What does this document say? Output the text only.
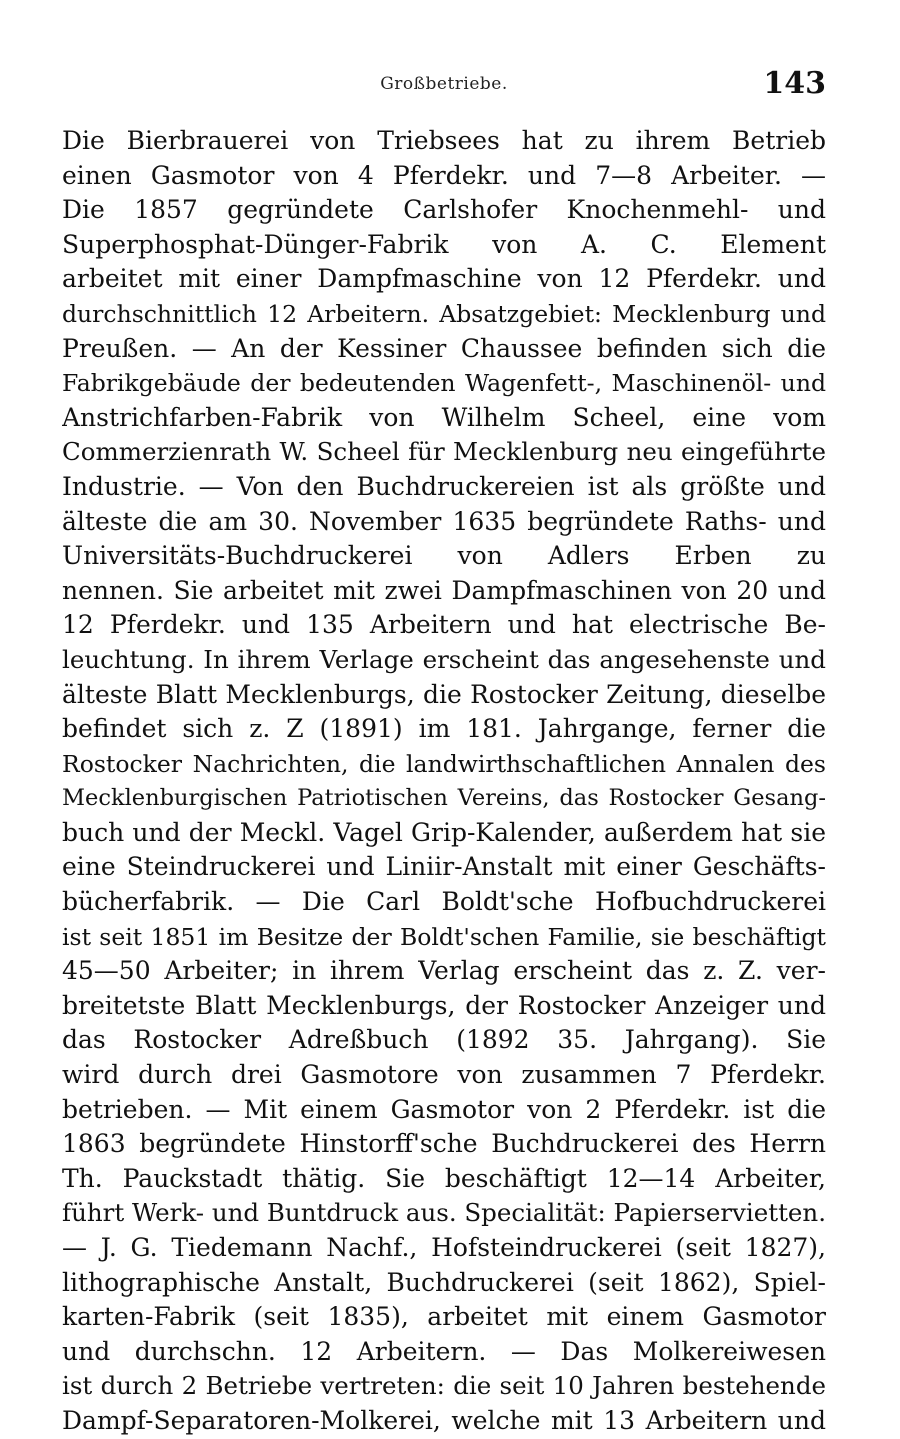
Großbetriebe.	143
Die Bierbrauerei von Triebsees hat zu ihrem Betrieb
einen Gasmotor von 4 Pferdekr. und 7—8 Arbeiter. —
Die 1857 gegründete Carlshofer Knochenmehl- und
Superphosphat-Dünger-Fabrik von A. C. Element
arbeitet mit einer Dampfmaschine von 12 Pferdekr. und
durchschnittlich 12 Arbeitern. Absatzgebiet: Mecklenburg und
Preußen. — An der Kessiner Chaussee befinden sich die
Fabrikgebäude der bedeutenden Wagenfett-, Maschinenöl- und
Anstrichfarben-Fabrik von Wilhelm Scheel, eine vom
Commerzienrath W. Scheel für Mecklenburg neu eingeführte
Industrie. — Von den Buchdruckereien ist als größte und
älteste die am 30. November 1635 begründete Raths- und
Universitäts-Buchdruckerei von Adlers Erben zu
nennen. Sie arbeitet mit zwei Dampfmaschinen von 20 und
12 Pferdekr. und 135 Arbeitern und hat electrische Be-
leuchtung. In ihrem Verlage erscheint das angesehenste und
älteste Blatt Mecklenburgs, die Rostocker Zeitung, dieselbe
befindet sich z. Z (1891) im 181. Jahrgange, ferner die
Rostocker Nachrichten, die landwirthschaftlichen Annalen des
Mecklenburgischen Patriotischen Vereins, das Rostocker Gesang-
buch und der Meckl. Vagel Grip-Kalender, außerdem hat sie
eine Steindruckerei und Liniir-Anstalt mit einer Geschäfts-
bücherfabrik. — Die Carl Boldt'sche Hofbuchdruckerei
ist seit 1851 im Besitze der Boldt'schen Familie, sie beschäftigt
45—50 Arbeiter; in ihrem Verlag erscheint das z. Z. ver-
breitetste Blatt Mecklenburgs, der Rostocker Anzeiger und
das Rostocker Adreßbuch (1892 35. Jahrgang). Sie
wird durch drei Gasmotore von zusammen 7 Pferdekr.
betrieben. — Mit einem Gasmotor von 2 Pferdekr. ist die
1863 begründete Hinstorff'sche Buchdruckerei des Herrn
Th. Pauckstadt thätig. Sie beschäftigt 12—14 Arbeiter,
führt Werk- und Buntdruck aus. Specialität: Papierservietten.
— J. G. Tiedemann Nachf., Hofsteindruckerei (seit 1827),
lithographische Anstalt, Buchdruckerei (seit 1862), Spiel-
karten-Fabrik (seit 1835), arbeitet mit einem Gasmotor
und durchschn. 12 Arbeitern. — Das Molkereiwesen
ist durch 2 Betriebe vertreten: die seit 10 Jahren bestehende
Dampf-Separatoren-Molkerei, welche mit 13 Arbeitern und
